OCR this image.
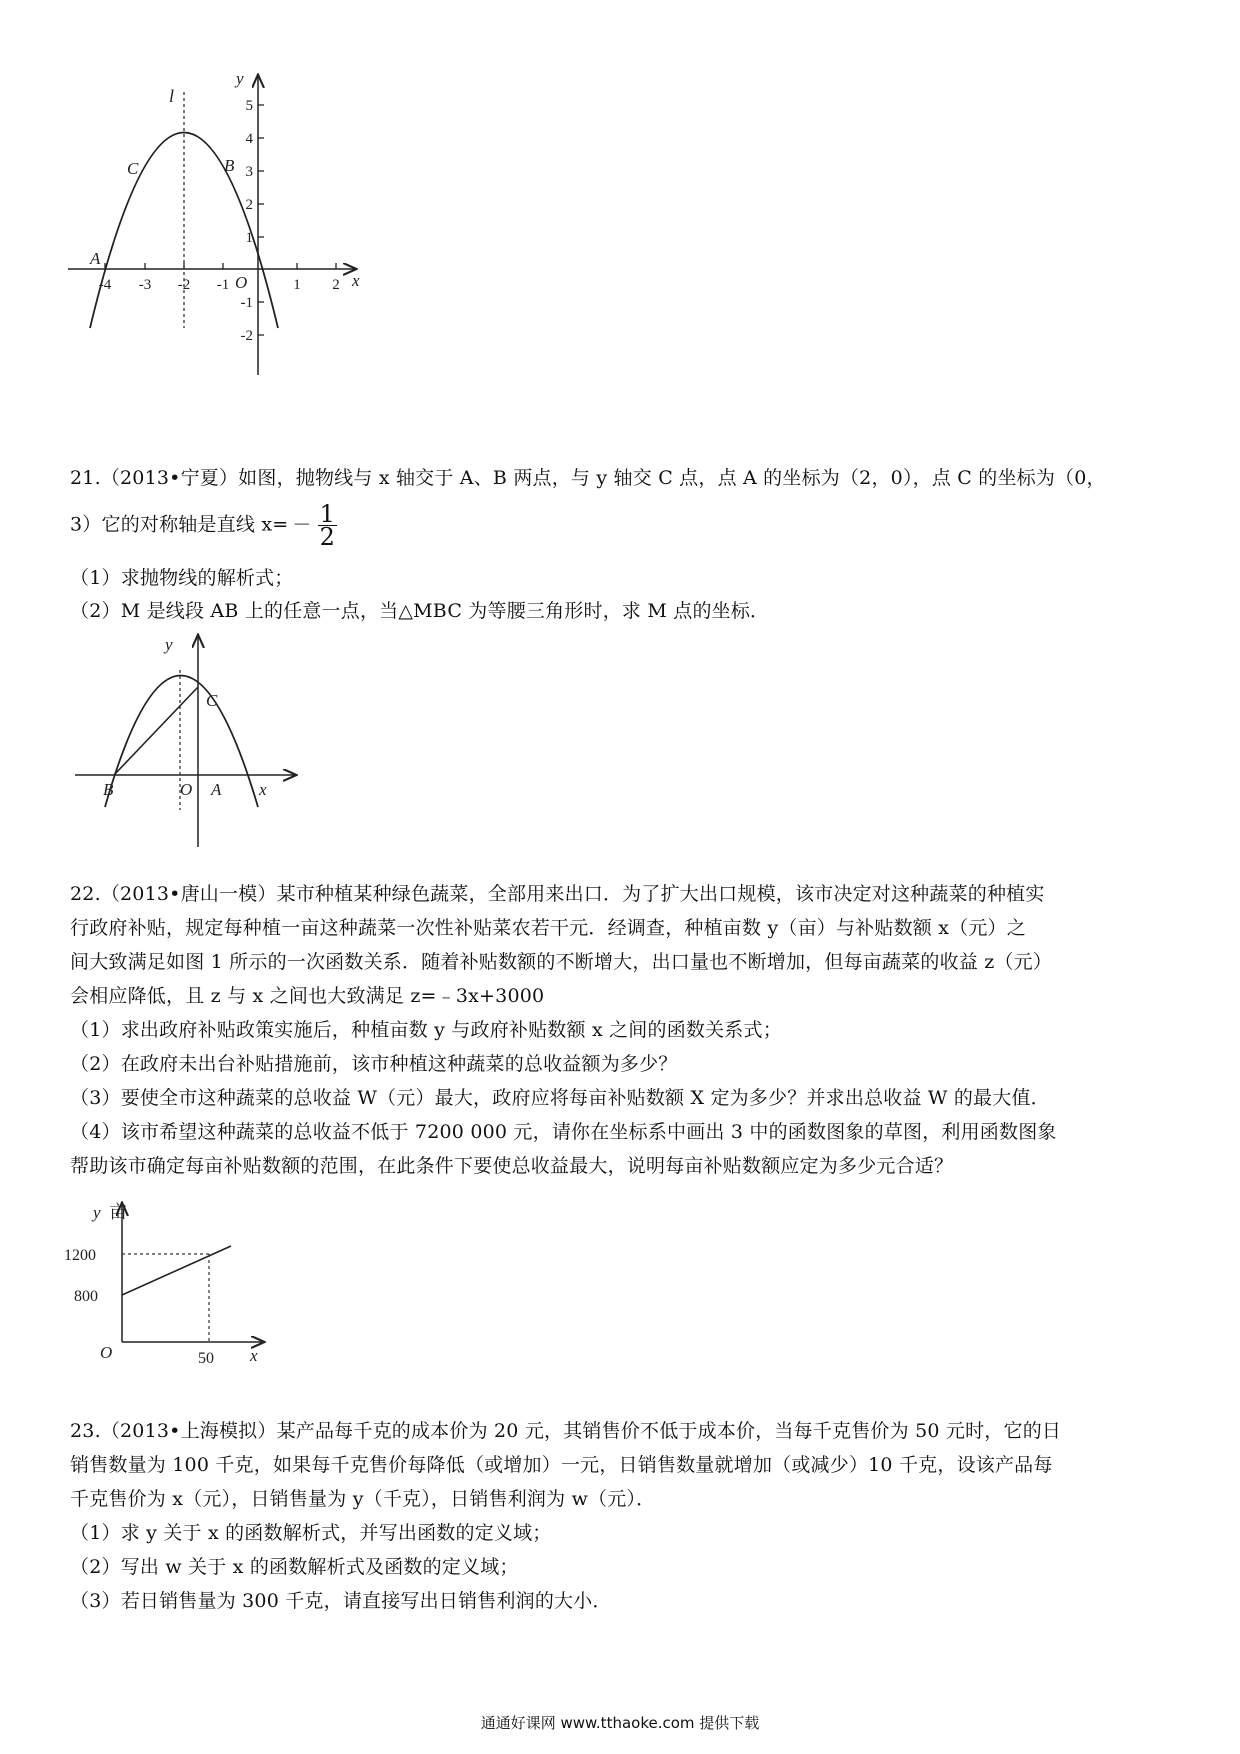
y
x
O
l
A
B
C
-4 -3 -2 -1	1 2
5
4
3
2
1
-1
-2
21.（2013•宁夏）如图，抛物线与 x 轴交于 A、B 两点，与 y 轴交 C 点，点 A 的坐标为（2，0），点 C 的坐标为（0，
3）它的对称轴是直线 $x= - \frac{1}{2}$
（1）求抛物线的解析式；
（2）M 是线段 AB 上的任意一点，当△MBC 为等腰三角形时，求 M 点的坐标．
y
C
B	O A x
22.（2013•唐山一模）某市种植某种绿色蔬菜，全部用来出口．为了扩大出口规模，该市决定对这种蔬菜的种植实
行政府补贴，规定每种植一亩这种蔬菜一次性补贴菜农若干元．经调查，种植亩数 y（亩）与补贴数额 x（元）之
间大致满足如图 1 所示的一次函数关系．随着补贴数额的不断增大，出口量也不断增加，但每亩蔬菜的收益 z（元）
会相应降低，且 z 与 x 之间也大致满足 z=﹣3x+3000
（1）求出政府补贴政策实施后，种植亩数 y 与政府补贴数额 x 之间的函数关系式；
（2）在政府未出台补贴措施前，该市种植这种蔬菜的总收益额为多少？
（3）要使全市这种蔬菜的总收益 W（元）最大，政府应将每亩补贴数额 X 定为多少？并求出总收益 W 的最大值．
（4）该市希望这种蔬菜的总收益不低于 7200 000 元，请你在坐标系中画出 3 中的函数图象的草图，利用函数图象
帮助该市确定每亩补贴数额的范围，在此条件下要使总收益最大，说明每亩补贴数额应定为多少元合适？
y 亩
1200
800
O	50 x
23.（2013•上海模拟）某产品每千克的成本价为 20 元，其销售价不低于成本价，当每千克售价为 50 元时，它的日
销售数量为 100 千克，如果每千克售价每降低（或增加）一元，日销售数量就增加（或减少）10 千克，设该产品每
千克售价为 x（元），日销售量为 y（千克），日销售利润为 w（元）．
（1）求 y 关于 x 的函数解析式，并写出函数的定义域；
（2）写出 w 关于 x 的函数解析式及函数的定义域；
（3）若日销售量为 300 千克，请直接写出日销售利润的大小．
通通好课网 www.tthaoke.com 提供下载
